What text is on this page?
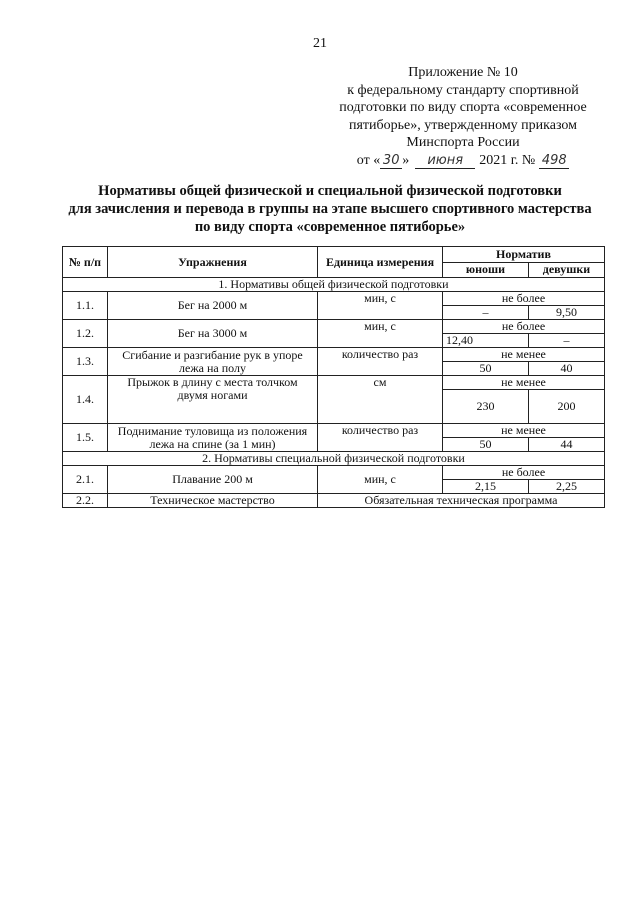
21
Приложение № 10
к федеральному стандарту спортивной
подготовки по виду спорта «современное
пятиборье», утвержденному приказом
Минспорта России
от « 30 »	июня	2021 г. № 498
Нормативы общей физической и специальной физической подготовки
для зачисления и перевода в группы на этапе высшего спортивного мастерства
по виду спорта «современное пятиборье»
№ п/п	Упражнения	Единица измерения	Норматив	
			юноши	девушки
1. Нормативы общей физической подготовки				
1.1.	Бег на 2000 м	мин, с	не более	
			–	9,50
1.2.	Бег на 3000 м	мин, с	не более	
			12,40	–
1.3.	Сгибание и разгибание рук в упоре лежа на полу	количество раз	не менее	
			50	40
1.4.	Прыжок в длину с места толчком двумя ногами	см	не менее	
			230	200
1.5.	Поднимание туловища из положения лежа на спине (за 1 мин)	количество раз	не менее	
			50	44
2. Нормативы специальной физической подготовки				
2.1.	Плавание 200 м	мин, с	не более	
			2,15	2,25
2.2.	Техническое мастерство	Обязательная техническая программа		
